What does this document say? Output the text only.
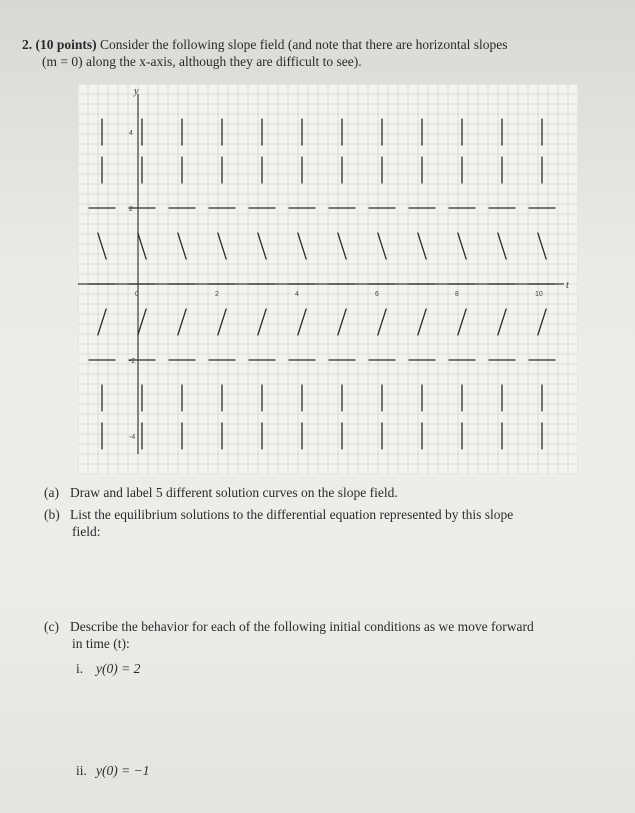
2. (10 points) Consider the following slope field (and note that there are horizontal slopes
(m = 0) along the x-axis, although they are difficult to see).
y
t
0	2	4	6	8	10
4
2
-2
-4
(a) Draw and label 5 different solution curves on the slope field.
(b) List the equilibrium solutions to the differential equation represented by this slope
field:
(c) Describe the behavior for each of the following initial conditions as we move forward
in time (t):
i. y(0) = 2
ii. y(0) = −1
